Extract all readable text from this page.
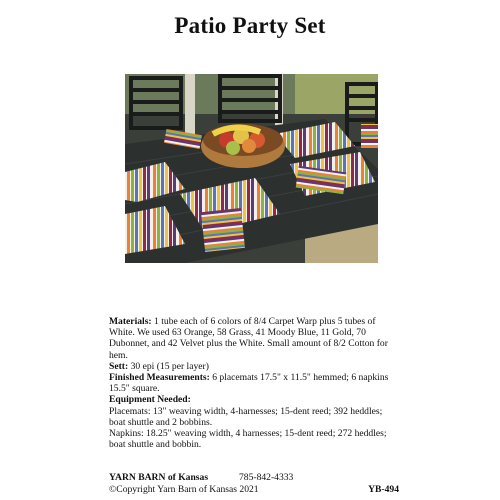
Patio Party Set

Materials: 1 tube each of 6 colors of 8/4 Carpet Warp plus 5 tubes of White. We used 63 Orange, 58 Grass, 41 Moody Blue, 11 Gold, 70 Dubonnet, and 42 Velvet plus the White. Small amount of 8/2 Cotton for hem.

Sett: 30 epi (15 per layer)

Finished Measurements: 6 placemats 17.5" x 11.5" hemmed; 6 napkins 15.5" square.

Equipment Needed:

Placemats: 13" weaving width, 4-harnesses; 15-dent reed; 392 heddles; boat shuttle and 2 bobbins.

Napkins: 18.25" weaving width, 4 harnesses; 15-dent reed; 272 heddles; boat shuttle and bobbin.

YARN BARN of Kansas	785-842-4333
©Copyright Yarn Barn of Kansas 2021	YB-494
